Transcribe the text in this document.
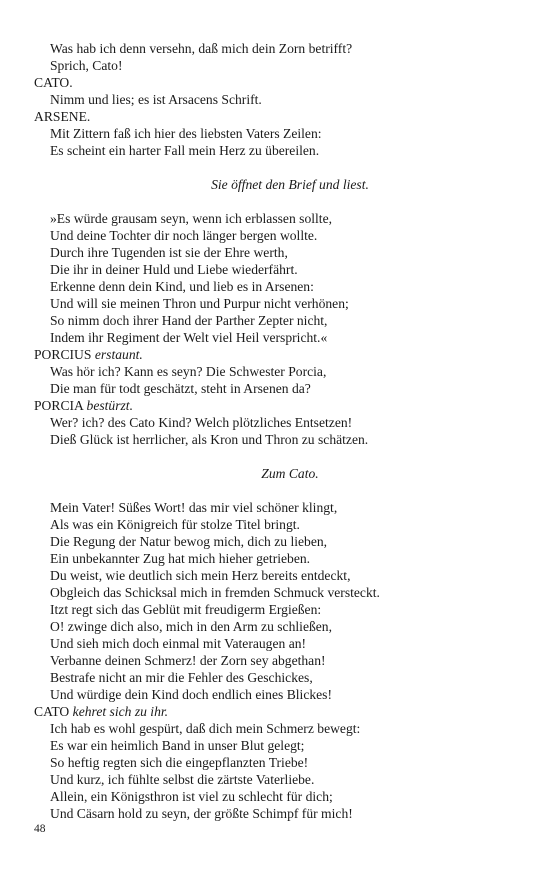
Was hab ich denn versehn, daß mich dein Zorn betrifft?
Sprich, Cato!
CATO.
Nimm und lies; es ist Arsacens Schrift.
ARSENE.
Mit Zittern faß ich hier des liebsten Vaters Zeilen:
Es scheint ein harter Fall mein Herz zu übereilen.
Sie öffnet den Brief und liest.
»Es würde grausam seyn, wenn ich erblassen sollte,
Und deine Tochter dir noch länger bergen wollte.
Durch ihre Tugenden ist sie der Ehre werth,
Die ihr in deiner Huld und Liebe wiederfährt.
Erkenne denn dein Kind, und lieb es in Arsenen:
Und will sie meinen Thron und Purpur nicht verhönen;
So nimm doch ihrer Hand der Parther Zepter nicht,
Indem ihr Regiment der Welt viel Heil verspricht.«
PORCIUS erstaunt.
Was hör ich? Kann es seyn? Die Schwester Porcia,
Die man für todt geschätzt, steht in Arsenen da?
PORCIA bestürzt.
Wer? ich? des Cato Kind? Welch plötzliches Entsetzen!
Dieß Glück ist herrlicher, als Kron und Thron zu schätzen.
Zum Cato.
Mein Vater! Süßes Wort! das mir viel schöner klingt,
Als was ein Königreich für stolze Titel bringt.
Die Regung der Natur bewog mich, dich zu lieben,
Ein unbekannter Zug hat mich hieher getrieben.
Du weist, wie deutlich sich mein Herz bereits entdeckt,
Obgleich das Schicksal mich in fremden Schmuck versteckt.
Itzt regt sich das Geblüt mit freudigerm Ergießen:
O! zwinge dich also, mich in den Arm zu schließen,
Und sieh mich doch einmal mit Vateraugen an!
Verbanne deinen Schmerz! der Zorn sey abgethan!
Bestrafe nicht an mir die Fehler des Geschickes,
Und würdige dein Kind doch endlich eines Blickes!
CATO kehret sich zu ihr.
Ich hab es wohl gespürt, daß dich mein Schmerz bewegt:
Es war ein heimlich Band in unser Blut gelegt;
So heftig regten sich die eingepflanzten Triebe!
Und kurz, ich fühlte selbst die zärtste Vaterliebe.
Allein, ein Königsthron ist viel zu schlecht für dich;
Und Cäsarn hold zu seyn, der größte Schimpf für mich!
48
